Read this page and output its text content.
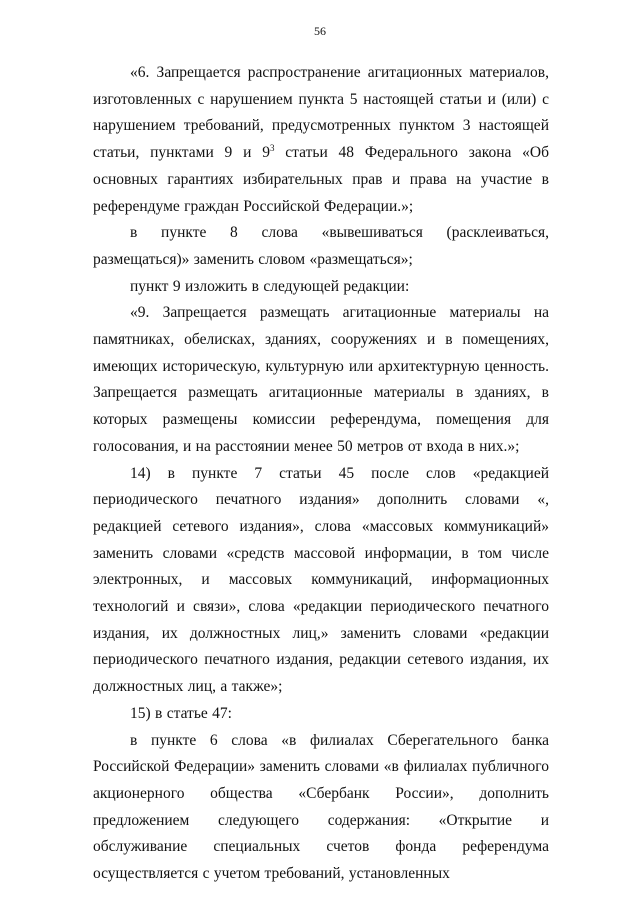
56

«6. Запрещается распространение агитационных материалов, изготовленных с нарушением пункта 5 настоящей статьи и (или) с нарушением требований, предусмотренных пунктом 3 настоящей статьи, пунктами 9 и $9^3$ статьи 48 Федерального закона «Об основных гарантиях избирательных прав и права на участие в референдуме граждан Российской Федерации.»;

в пункте 8 слова «вывешиваться (расклеиваться, размещаться)» заменить словом «размещаться»;

пункт 9 изложить в следующей редакции:

«9. Запрещается размещать агитационные материалы на памятниках, обелисках, зданиях, сооружениях и в помещениях, имеющих историческую, культурную или архитектурную ценность. Запрещается размещать агитационные материалы в зданиях, в которых размещены комиссии референдума, помещения для голосования, и на расстоянии менее 50 метров от входа в них.»;

14) в пункте 7 статьи 45 после слов «редакцией периодического печатного издания» дополнить словами «, редакцией сетевого издания», слова «массовых коммуникаций» заменить словами «средств массовой информации, в том числе электронных, и массовых коммуникаций, информационных технологий и связи», слова «редакции периодического печатного издания, их должностных лиц,» заменить словами «редакции периодического печатного издания, редакции сетевого издания, их должностных лиц, а также»;

15) в статье 47:

в пункте 6 слова «в филиалах Сберегательного банка Российской Федерации» заменить словами «в филиалах публичного акционерного общества «Сбербанк России», дополнить предложением следующего содержания: «Открытие и обслуживание специальных счетов фонда референдума осуществляется с учетом требований, установленных
